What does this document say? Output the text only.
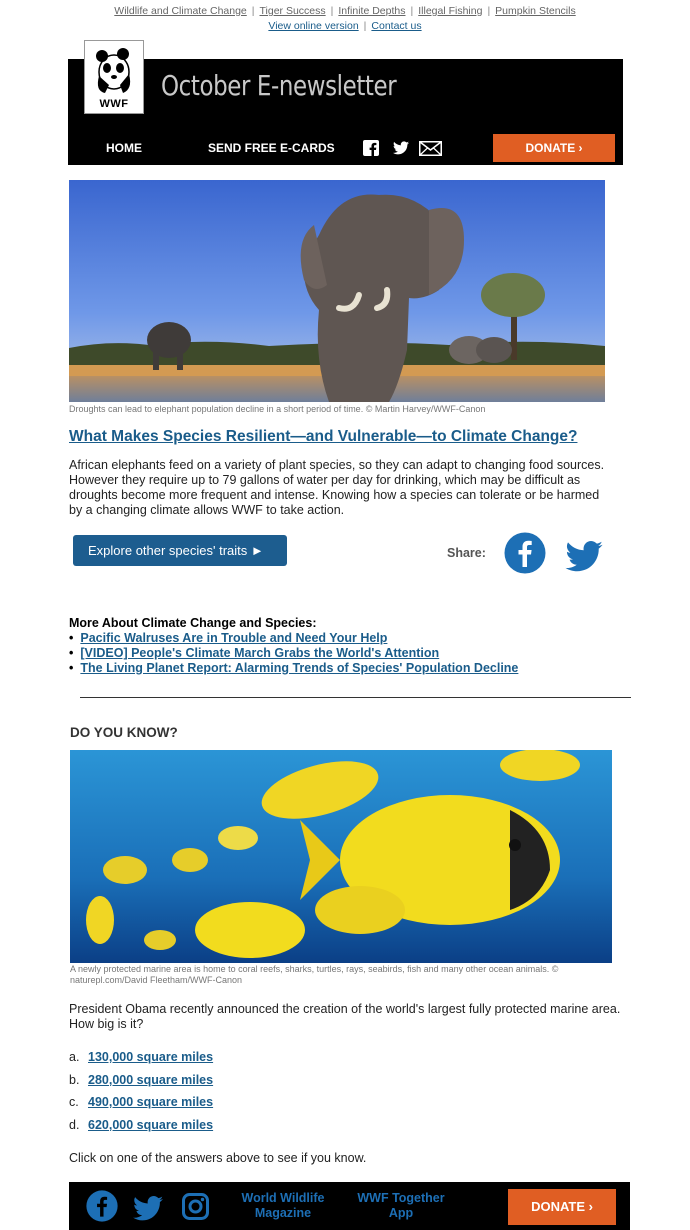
Wildlife and Climate Change | Tiger Success | Infinite Depths | Illegal Fishing | Pumpkin Stencils
View online version | Contact us
WWF
October E-newsletter
HOME	SEND FREE E-CARDS	DONATE ›
Droughts can lead to elephant population decline in a short period of time. © Martin Harvey/WWF-Canon
What Makes Species Resilient—and Vulnerable—to Climate Change?
African elephants feed on a variety of plant species, so they can adapt to changing food sources. However they require up to 79 gallons of water per day for drinking, which may be difficult as droughts become more frequent and intense. Knowing how a species can tolerate or be harmed by a changing climate allows WWF to take action.
Explore other species' traits ►	Share:
More About Climate Change and Species:
• Pacific Walruses Are in Trouble and Need Your Help
• [VIDEO] People's Climate March Grabs the World's Attention
• The Living Planet Report: Alarming Trends of Species' Population Decline
DO YOU KNOW?
A newly protected marine area is home to coral reefs, sharks, turtles, rays, seabirds, fish and many other ocean animals. © naturepl.com/David Fleetham/WWF-Canon
President Obama recently announced the creation of the world's largest fully protected marine area. How big is it?
a. 130,000 square miles
b. 280,000 square miles
c. 490,000 square miles
d. 620,000 square miles
Click on one of the answers above to see if you know.
World Wildlife Magazine
WWF Together App	DONATE ›
